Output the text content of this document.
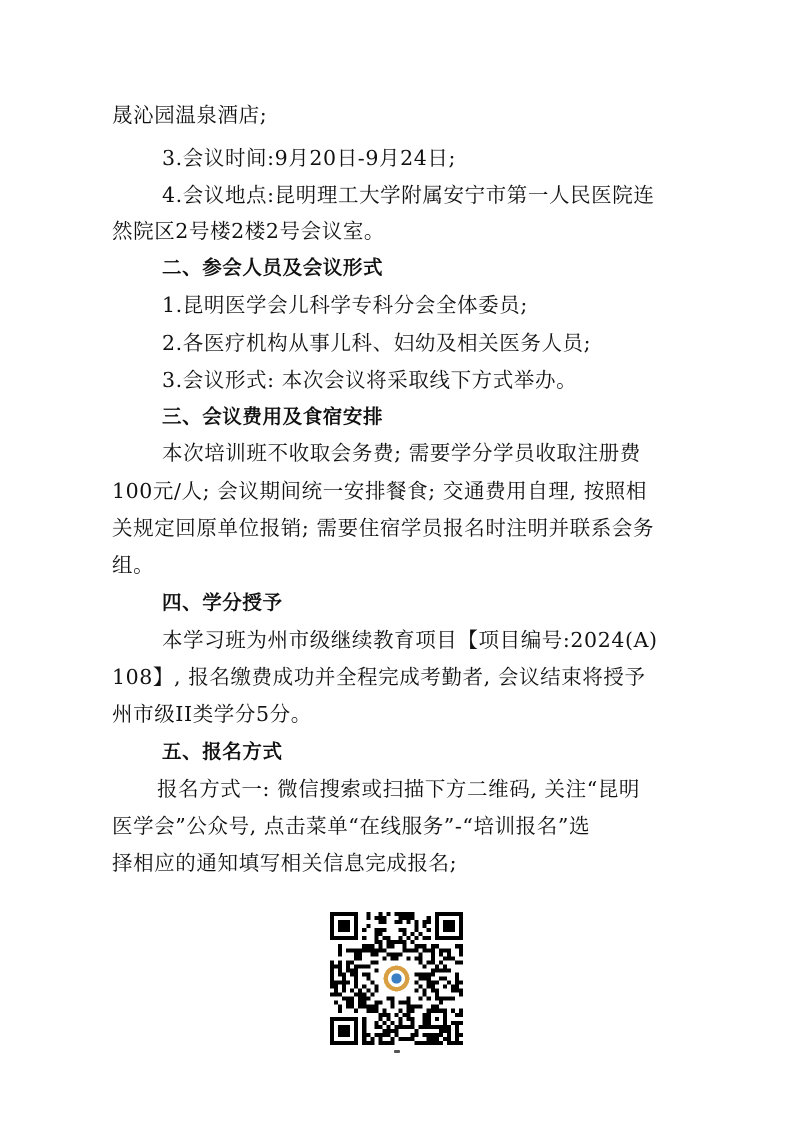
晟沁园温泉酒店;
3.会议时间:9月20日-9月24日;
4.会议地点:昆明理工大学附属安宁市第一人民医院连
然院区2号楼2楼2号会议室。
二、参会人员及会议形式
1.昆明医学会儿科学专科分会全体委员;
2.各医疗机构从事儿科、妇幼及相关医务人员;
3.会议形式: 本次会议将采取线下方式举办。
三、会议费用及食宿安排
本次培训班不收取会务费; 需要学分学员收取注册费
100元/人; 会议期间统一安排餐食; 交通费用自理, 按照相
关规定回原单位报销; 需要住宿学员报名时注明并联系会务
组。
四、学分授予
本学习班为州市级继续教育项目【项目编号:2024(A)
108】, 报名缴费成功并全程完成考勤者, 会议结束将授予
州市级II类学分5分。
五、报名方式
报名方式一: 微信搜索或扫描下方二维码, 关注“昆明
医学会”公众号, 点击菜单“在线服务”-“培训报名”选
择相应的通知填写相关信息完成报名;
